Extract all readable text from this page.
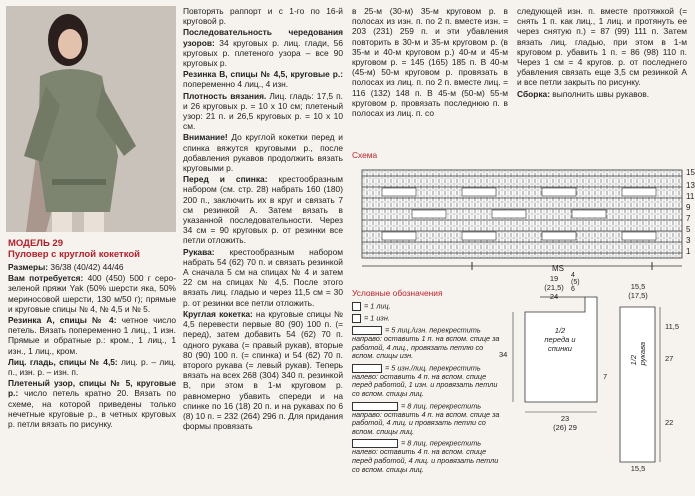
МОДЕЛЬ 29
Пуловер с круглой кокеткой

Размеры: 36/38 (40/42) 44/46

Вам потребуется: 400 (450) 500 г серо-зеленой пряжи Yak (50% шерсти яка, 50% мериносовой шерсти, 130 м/50 г); прямые и круговые спицы № 4, № 4,5 и № 5.

Резинка А, спицы № 4: четное число петель. Вязать попеременно 1 лиц., 1 изн. Прямые и обратные р.: кром., 1 лиц., 1 изн., 1 лиц., кром.

Лиц. гладь, спицы № 4,5: лиц. р. – лиц. п., изн. р. – изн. п.

Плетеный узор, спицы № 5, круговые р.: число петель кратно 20. Вязать по схеме, на которой приведены только нечетные круговые р., в четных круговых р. петли вязать по рисунку.

Повторять раппорт и с 1-го по 16-й круговой р.

Последовательность чередования узоров: 34 круговых р. лиц. глади, 56 круговых р. плетеного узора – все 90 круговых р.

Резинка В, спицы № 4,5, круговые р.: попеременно 4 лиц., 4 изн.

Плотность вязания. Лиц. гладь: 17,5 п. и 26 круговых р. = 10 х 10 см; плетеный узор: 21 п. и 26,5 круговых р. = 10 х 10 см.

Внимание! До круглой кокетки перед и спинка вяжутся круговыми р., после добавления рукавов продолжить вязать круговыми р.

Перед и спинка: крестообразным набором (см. стр. 28) набрать 160 (180) 200 п., заключить их в круг и связать 7 см резинкой А. Затем вязать в указанной последовательности. Через 34 см = 90 круговых р. от резинки все петли отложить.

Рукава: крестообразным набором набрать 54 (62) 70 п. и связать резинкой А сначала 5 см на спицах № 4 и затем 22 см на спицах № 4,5. После этого вязать лиц. гладью и через 11,5 см = 30 р. от резинки все петли отложить.

Круглая кокетка: на круговые спицы № 4,5 перевести первые 80 (90) 100 п. (= перед), затем добавить 54 (62) 70 п. одного рукава (= правый рукав), вторые 80 (90) 100 п. (= спинка) и 54 (62) 70 п. второго рукава (= левый рукав). Теперь вязать на всех 268 (304) 340 п. резинкой В, при этом в 1-м круговом р. равномерно убавить спереди и на спинке по 16 (18) 20 п. и на рукавах по 6 (8) 10 п. = 232 (264) 296 п. Для придания формы провязать

в 25-м (30-м) 35-м круговом р. в полосах из изн. п. по 2 п. вместе изн. = 203 (231) 259 п. и эти убавления повторить в 30-м и 35-м круговом р. (в 35-м и 40-м круговом р.) 40-м и 45-м круговом р. = 145 (165) 185 п. В 40-м (45-м) 50-м круговом р. провязать в полосах из лиц. п. по 2 п. вместе лиц. = 116 (132) 148 п. В 45-м (50-м) 55-м круговом р. провязать последнюю п. в полосах из лиц. п. со

следующей изн. п. вместе протяжкой (= снять 1 п. как лиц., 1 лиц. и протянуть ее через снятую п.) = 87 (99) 111 п. Затем вязать лиц. гладью, при этом в 1-м круговом р. убавить 1 п. = 86 (98) 110 п. Через 1 см = 4 кругов. р. от последнего убавления связать еще 3,5 см резинкой А и все петли закрыть по рисунку.

Сборка: выполнить швы рукавов.

Схема
15
13
11
9
7
5
3
1
MS
Условные обозначения
= 1 лиц.
= 1 изн.
= 5 лиц./изн. перекрестить направо: оставить 1 п. на вспом. спице за работой, 4 лиц., провязать петлю со вспом. спицы изн.
= 5 изн./лиц. перекрестить налево: оставить 4 п. на вспом. спице перед работой, 1 изн. и провязать петли со вспом. спицы лиц.
= 8 лиц. перекрестить направо: оставить 4 п. на вспом. спице за работой, 4 лиц. и провязать петли со вспом. спицы лиц.
= 8 лиц. перекрестить налево: оставить 4 п. на вспом. спице перед работой, 4 лиц. и провязать петли со вспом. спицы лиц.
19
(21,5)
24
4
(5)
6
34
1/2
переда и спинки
7
23
(26) 29
15,5
(17,5)
1/2 рукава
11,5
27
22
15,5
